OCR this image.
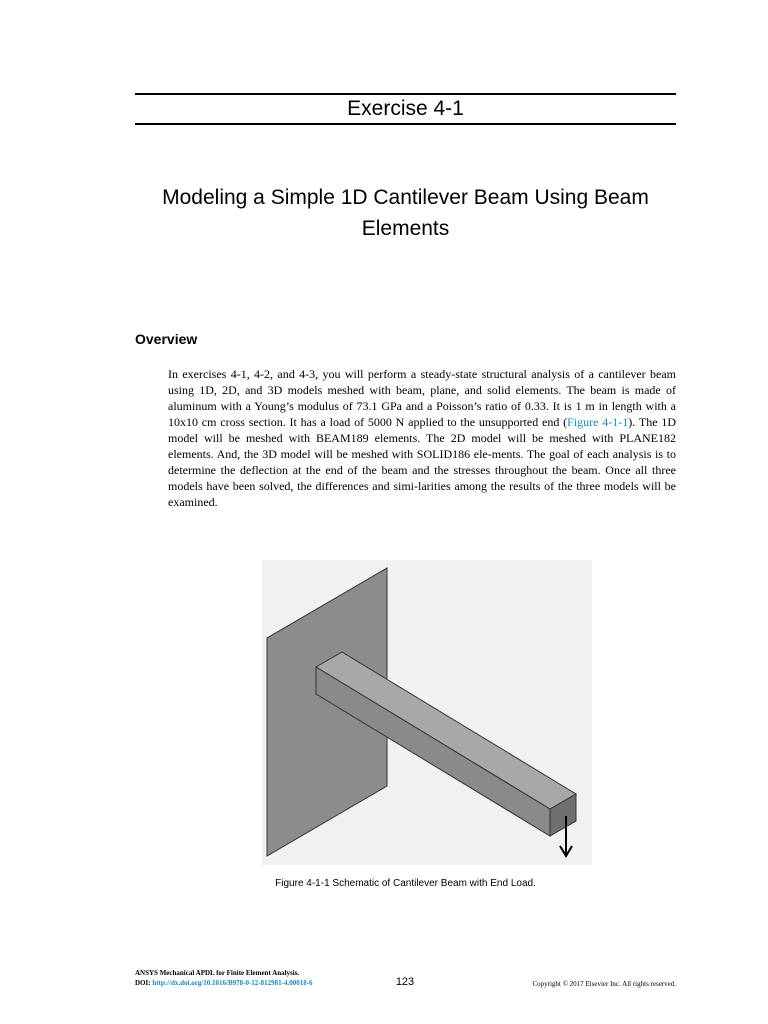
Exercise 4-1
Modeling a Simple 1D Cantilever Beam Using Beam
Elements
Overview
In exercises 4-1, 4-2, and 4-3, you will perform a steady-state structural analysis of a cantilever beam using 1D, 2D, and 3D models meshed with beam, plane, and solid elements. The beam is made of aluminum with a Young’s modulus of 73.1 GPa and a Poisson’s ratio of 0.33. It is 1 m in length with a 10x10 cm cross section. It has a load of 5000 N applied to the unsupported end (Figure 4-1-1). The 1D model will be meshed with BEAM189 elements. The 2D model will be meshed with PLANE182 elements. And, the 3D model will be meshed with SOLID186 ele-ments. The goal of each analysis is to determine the deflection at the end of the beam and the stresses throughout the beam. Once all three models have been solved, the differences and simi-larities among the results of the three models will be examined.
Figure 4-1-1 Schematic of Cantilever Beam with End Load.
ANSYS Mechanical APDL for Finite Element Analysis.
DOI: http://dx.doi.org/10.1016/B978-0-12-812981-4.00018-6	123	Copyright © 2017 Elsevier Inc. All rights reserved.
